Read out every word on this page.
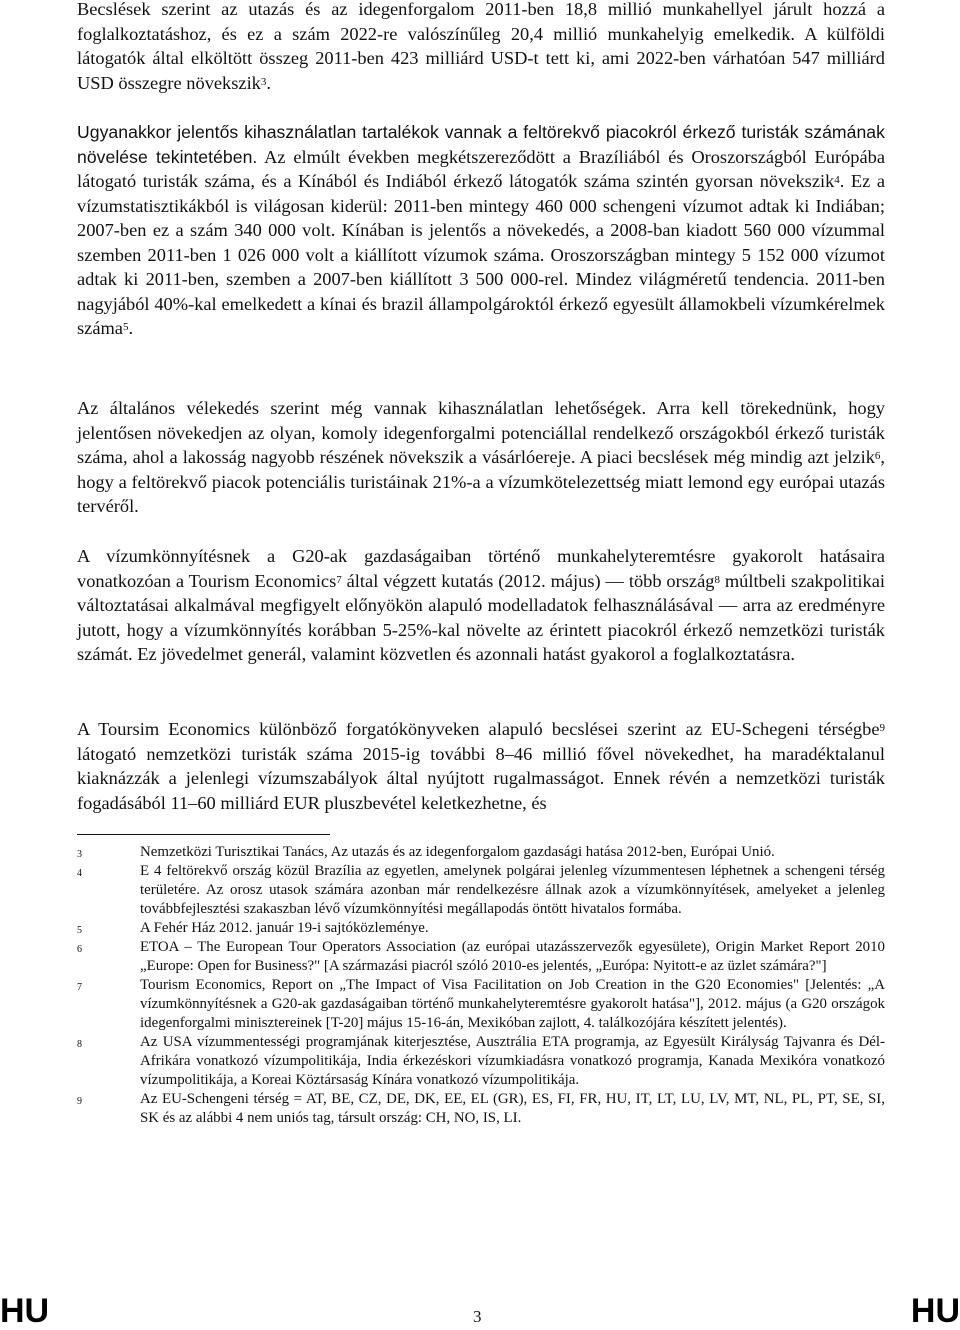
Becslések szerint az utazás és az idegenforgalom 2011-ben 18,8 millió munkahellyel járult hozzá a foglalkoztatáshoz, és ez a szám 2022-re valószínűleg 20,4 millió munkahelyig emelkedik. A külföldi látogatók által elköltött összeg 2011-ben 423 milliárd USD-t tett ki, ami 2022-ben várhatóan 547 milliárd USD összegre növekszik$^3$.

Ugyanakkor jelentős kihasználatlan tartalékok vannak a feltörekvő piacokról érkező turisták számának növelése tekintetében. Az elmúlt években megkétszereződött a Brazíliából és Oroszországból Európába látogató turisták száma, és a Kínából és Indiából érkező látogatók száma szintén gyorsan növekszik$^4$. Ez a vízumstatisztikákból is világosan kiderül: 2011-ben mintegy 460 000 schengeni vízumot adtak ki Indiában; 2007-ben ez a szám 340 000 volt. Kínában is jelentős a növekedés, a 2008-ban kiadott 560 000 vízummal szemben 2011-ben 1 026 000 volt a kiállított vízumok száma. Oroszországban mintegy 5 152 000 vízumot adtak ki 2011-ben, szemben a 2007-ben kiállított 3 500 000-rel. Mindez világméretű tendencia. 2011-ben nagyjából 40%-kal emelkedett a kínai és brazil állampolgároktól érkező egyesült államokbeli vízumkérelmek száma$^5$.

Az általános vélekedés szerint még vannak kihasználatlan lehetőségek. Arra kell törekednünk, hogy jelentősen növekedjen az olyan, komoly idegenforgalmi potenciállal rendelkező országokból érkező turisták száma, ahol a lakosság nagyobb részének növekszik a vásárlóereje. A piaci becslések még mindig azt jelzik$^6$, hogy a feltörekvő piacok potenciális turistáinak 21%-a a vízumkötelezettség miatt lemond egy európai utazás tervéről.

A vízumkönnyítésnek a G20-ak gazdaságaiban történő munkahelyteremtésre gyakorolt hatásaira vonatkozóan a Tourism Economics$^7$ által végzett kutatás (2012. május) — több ország$^8$ múltbeli szakpolitikai változtatásai alkalmával megfigyelt előnyökön alapuló modelladatok felhasználásával — arra az eredményre jutott, hogy a vízumkönnyítés korábban 5-25%-kal növelte az érintett piacokról érkező nemzetközi turisták számát. Ez jövedelmet generál, valamint közvetlen és azonnali hatást gyakorol a foglalkoztatásra.

A Toursim Economics különböző forgatókönyveken alapuló becslései szerint az EU-Schegeni térségbe$^9$ látogató nemzetközi turisták száma 2015-ig további 8–46 millió fővel növekedhet, ha maradéktalanul kiaknázzák a jelenlegi vízumszabályok által nyújtott rugalmasságot. Ennek révén a nemzetközi turisták fogadásából 11–60 milliárd EUR pluszbevétel keletkezhetne, és

3	Nemzetközi Turisztikai Tanács, Az utazás és az idegenforgalom gazdasági hatása 2012-ben, Európai Unió.
4	E 4 feltörekvő ország közül Brazília az egyetlen, amelynek polgárai jelenleg vízummentesen léphetnek a schengeni térség területére. Az orosz utasok számára azonban már rendelkezésre állnak azok a vízumkönnyítések, amelyeket a jelenleg továbbfejlesztési szakaszban lévő vízumkönnyítési megállapodás öntött hivatalos formába.
5	A Fehér Ház 2012. január 19-i sajtóközleménye.
6	ETOA – The European Tour Operators Association (az európai utazásszervezők egyesülete), Origin Market Report 2010 „Europe: Open for Business?" [A származási piacról szóló 2010-es jelentés, „Európa: Nyitott-e az üzlet számára?"]
7	Tourism Economics, Report on „The Impact of Visa Facilitation on Job Creation in the G20 Economies" [Jelentés: „A vízumkönnyítésnek a G20-ak gazdaságaiban történő munkahelyteremtésre gyakorolt hatása"], 2012. május (a G20 országok idegenforgalmi minisztereinek [T-20] május 15-16-án, Mexikóban zajlott, 4. találkozójára készített jelentés).
8	Az USA vízummentességi programjának kiterjesztése, Ausztrália ETA programja, az Egyesült Királyság Tajvanra és Dél-Afrikára vonatkozó vízumpolitikája, India érkezéskori vízumkiadásra vonatkozó programja, Kanada Mexikóra vonatkozó vízumpolitikája, a Koreai Köztársaság Kínára vonatkozó vízumpolitikája.
9	Az EU-Schengeni térség = AT, BE, CZ, DE, DK, EE, EL (GR), ES, FI, FR, HU, IT, LT, LU, LV, MT, NL, PL, PT, SE, SI, SK és az alábbi 4 nem uniós tag, társult ország: CH, NO, IS, LI.
HU	3	HU
